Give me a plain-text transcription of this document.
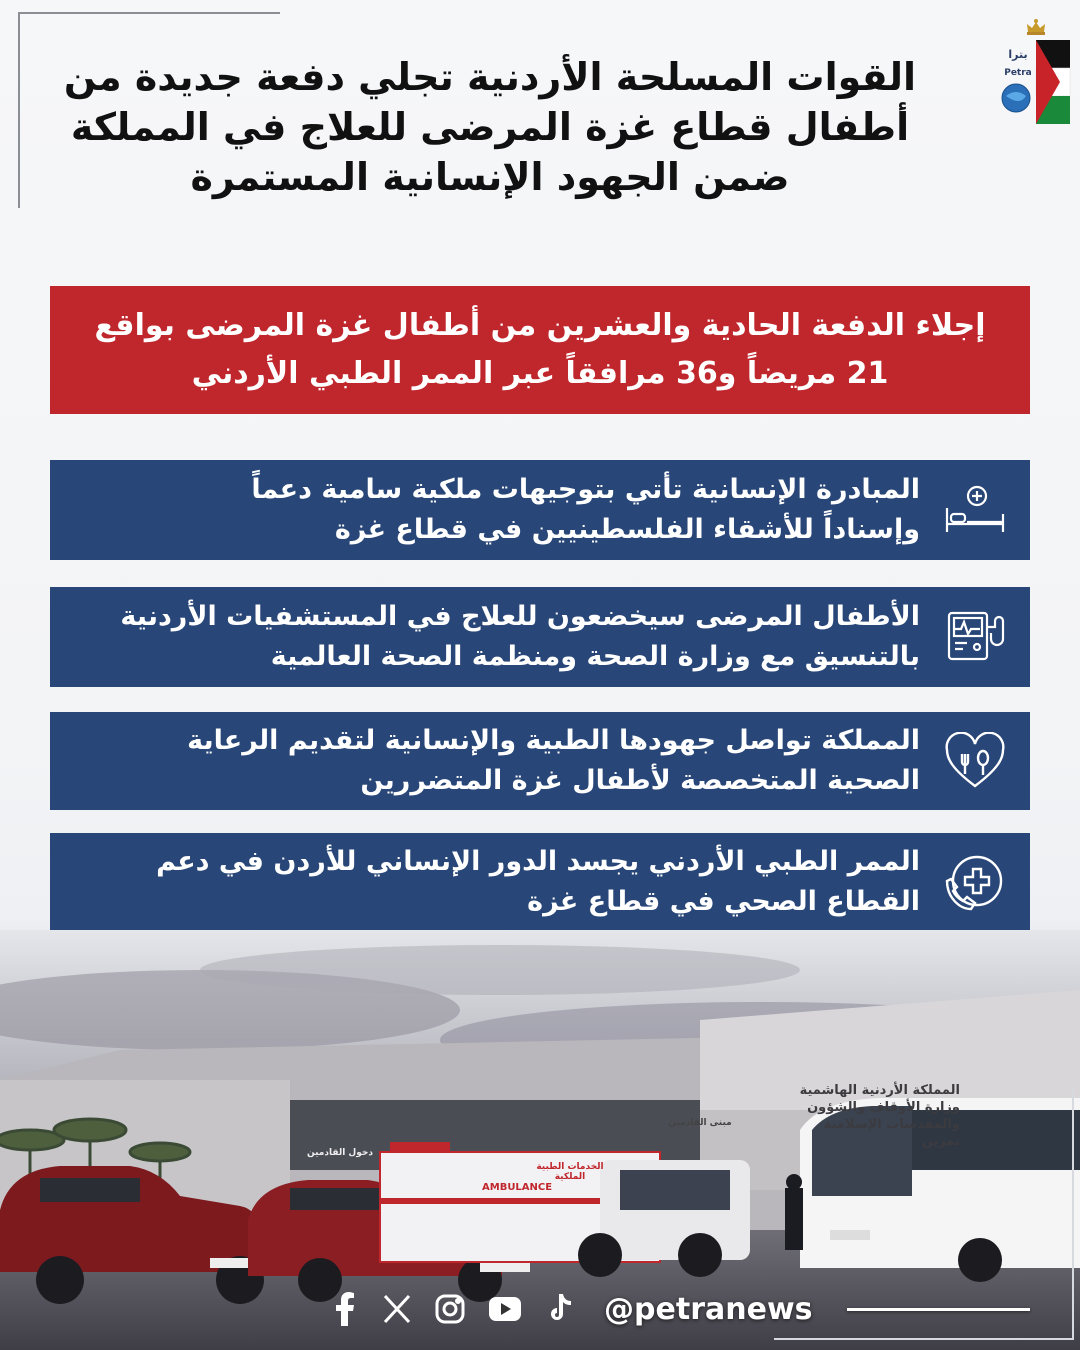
بترا
Petra
القوات المسلحة الأردنية تجلي دفعة جديدة من
أطفال قطاع غزة المرضى للعلاج في المملكة
ضمن الجهود الإنسانية المستمرة
إجلاء الدفعة الحادية والعشرين من أطفال غزة المرضى بواقع
21 مريضاً و36 مرافقاً عبر الممر الطبي الأردني
المبادرة الإنسانية تأتي بتوجيهات ملكية سامية دعماً
وإسناداً للأشقاء الفلسطينيين في قطاع غزة
الأطفال المرضى سيخضعون للعلاج في المستشفيات الأردنية
بالتنسيق مع وزارة الصحة ومنظمة الصحة العالمية
المملكة تواصل جهودها الطبية والإنسانية لتقديم الرعاية
الصحية المتخصصة لأطفال غزة المتضررين
الممر الطبي الأردني يجسد الدور الإنساني للأردن في دعم
القطاع الصحي في قطاع غزة
المملكة الأردنية الهاشمية
وزارة الأوقاف والشؤون والمقدسات الإسلامية
تمرين
دخول القادمين
مبنى القادمين
الخدمات الطبية الملكية
AMBULANCE
@petranews
